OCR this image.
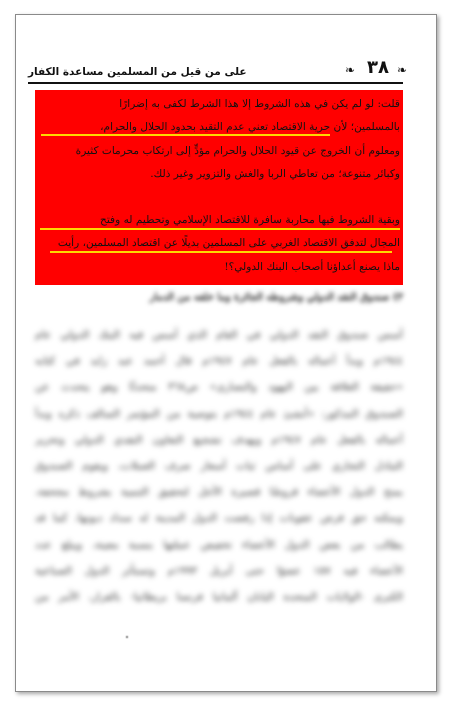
❧
٣٨
❧
على من قيل من المسلمين مساعدة الكفار
قلت: لو لم يكن في هذه الشروط إلا هذا الشرط لكفى به إضرارًا
بالمسلمين؛ لأن حرية الاقتصاد تعني عدم التقيد بحدود الحلال والحرام،
ومعلوم أن الخروج عن قيود الحلال والحرام مؤدٍّ إلى ارتكاب محرمات كثيرة
وكبائر متنوعة؛ من تعاطي الربا والغش والتزوير وغير ذلك.
وبقية الشروط فيها محاربة سافرة للاقتصاد الإسلامي وتحطيم له وفتح
المجال لتدفق الاقتصاد الغربي على المسلمين بديلًا عن اقتصاد المسلمين، رأيت
ماذا يصنع أعداؤنا أصحاب البنك الدولي؟!
٣) صندوق النقد الدولي وشروطه الجائرة وما خلفه من الدمار
أسس صندوق النقد الدولي في العام الذي أسس فيه البنك الدولي عام
١٩٤٤م وبدأ أعماله بالفعل عام ١٩٤٧م قال أحمد عبد زايد في كتابه
«حقيقة العلاقة بين اليهود والنصارى» ص٣٦٨ متحدثًا وهو يتحدث عن
الصندوق المذكور: «أنشئ عام ١٩٤٤م بتوصية من المؤتمر السالف ذكره وبدأ
أعماله بالفعل عام ١٩٤٧م ويهدف تشجيع التعاون النقدي الدولي وتحرير
التبادل التجاري على أساس ثبات أسعار صرف العملات، ويقوم الصندوق
بمنح الدول الأعضاء قروضًا قصيرة الأجل لتحقيق التنمية بشروط مجحفة،
ويمكنه حق فرض عقوبات إذا رفضت الدول المدينة له سداد ديونها، كما قد
يطالب من بعض الدول الأعضاء تخفيض عملتها بنسبة معينة، ويبلغ عدد
الأعضاء فيه ١٥٧ عضوًا حتى أبريل ١٩٩٣م وتستأثر الدول الصناعية
الكبرى -الولايات المتحدة اليابان ألمانيا فرنسا بريطانيا- بالقرار، الأمر من
